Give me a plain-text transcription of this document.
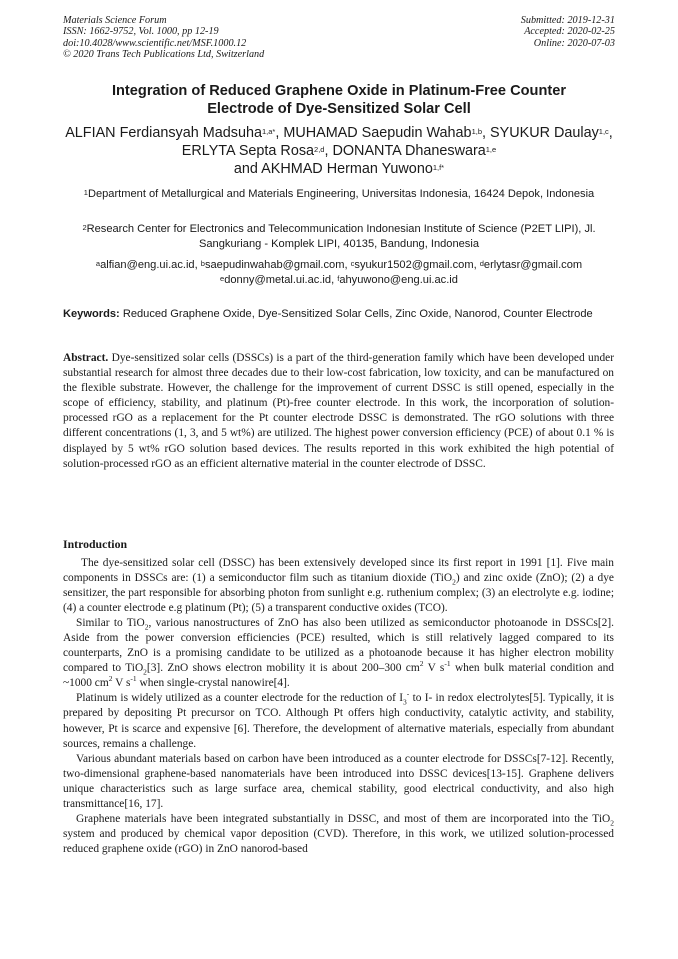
Materials Science Forum
ISSN: 1662-9752, Vol. 1000, pp 12-19
doi:10.4028/www.scientific.net/MSF.1000.12
© 2020 Trans Tech Publications Ltd, Switzerland
Submitted: 2019-12-31
Accepted: 2020-02-25
Online: 2020-07-03
Integration of Reduced Graphene Oxide in Platinum-Free Counter
Electrode of Dye-Sensitized Solar Cell
ALFIAN Ferdiansyah Madsuha$^{1,a*}$, MUHAMAD Saepudin Wahab$^{1,b}$, SYUKUR Daulay$^{1,c}$, ERLYTA Septa Rosa$^{2,d}$, DONANTA Dhaneswara$^{1,e}$
and AKHMAD Herman Yuwono$^{1,f*}$
$^1$Department of Metallurgical and Materials Engineering, Universitas Indonesia, 16424 Depok, Indonesia
$^2$Research Center for Electronics and Telecommunication Indonesian Institute of Science (P2ET LIPI), Jl. Sangkuriang - Komplek LIPI, 40135, Bandung, Indonesia
$^a$alfian@eng.ui.ac.id, $^b$saepudinwahab@gmail.com, $^c$syukur1502@gmail.com, $^d$erlytasr@gmail.com
$^e$donny@metal.ui.ac.id, $^f$ahyuwono@eng.ui.ac.id
Keywords: Reduced Graphene Oxide, Dye-Sensitized Solar Cells, Zinc Oxide, Nanorod, Counter Electrode
Abstract. Dye-sensitized solar cells (DSSCs) is a part of the third-generation family which have been developed under substantial research for almost three decades due to their low-cost fabrication, low toxicity, and can be manufactured on the flexible substrate. However, the challenge for the improvement of current DSSC is still opened, especially in the scope of efficiency, stability, and platinum (Pt)-free counter electrode. In this work, the incorporation of solution-processed rGO as a replacement for the Pt counter electrode DSSC is demonstrated. The rGO solutions with three different concentrations (1, 3, and 5 wt%) are utilized. The highest power conversion efficiency (PCE) of about 0.1 % is displayed by 5 wt% rGO solution based devices. The results reported in this work exhibited the high potential of solution-processed rGO as an efficient alternative material in the counter electrode of DSSC.
Introduction

The dye-sensitized solar cell (DSSC) has been extensively developed since its first report in 1991 [1]. Five main components in DSSCs are: (1) a semiconductor film such as titanium dioxide (TiO$_2$) and zinc oxide (ZnO); (2) a dye sensitizer, the part responsible for absorbing photon from sunlight e.g. ruthenium complex; (3) an electrolyte e.g. iodine; (4) a counter electrode e.g platinum (Pt); (5) a transparent conductive oxides (TCO).

Similar to TiO$_2$, various nanostructures of ZnO has also been utilized as semiconductor photoanode in DSSCs[2]. Aside from the power conversion efficiencies (PCE) resulted, which is still relatively lagged compared to its counterparts, ZnO is a promising candidate to be utilized as a photoanode because it has higher electron mobility compared to TiO$_2$[3]. ZnO shows electron mobility it is about 200–300 $cm^2$ V $s^{-1}$ when bulk material condition and ~1000 $cm^2$ V $s^{-1}$ when single-crystal nanowire[4].

Platinum is widely utilized as a counter electrode for the reduction of $I_3^-$ to I- in redox electrolytes[5]. Typically, it is prepared by depositing Pt precursor on TCO. Although Pt offers high conductivity, catalytic activity, and stability, however, Pt is scarce and expensive [6]. Therefore, the development of alternative materials, especially from abundant sources, remains a challenge.

Various abundant materials based on carbon have been introduced as a counter electrode for DSSCs[7-12]. Recently, two-dimensional graphene-based nanomaterials have been introduced into DSSC devices[13-15]. Graphene delivers unique characteristics such as large surface area, chemical stability, good electrical conductivity, and also high transmittance[16, 17].

Graphene materials have been integrated substantially in DSSC, and most of them are incorporated into the TiO$_2$ system and produced by chemical vapor deposition (CVD). Therefore, in this work, we utilized solution-processed reduced graphene oxide (rGO) in ZnO nanorod-based
